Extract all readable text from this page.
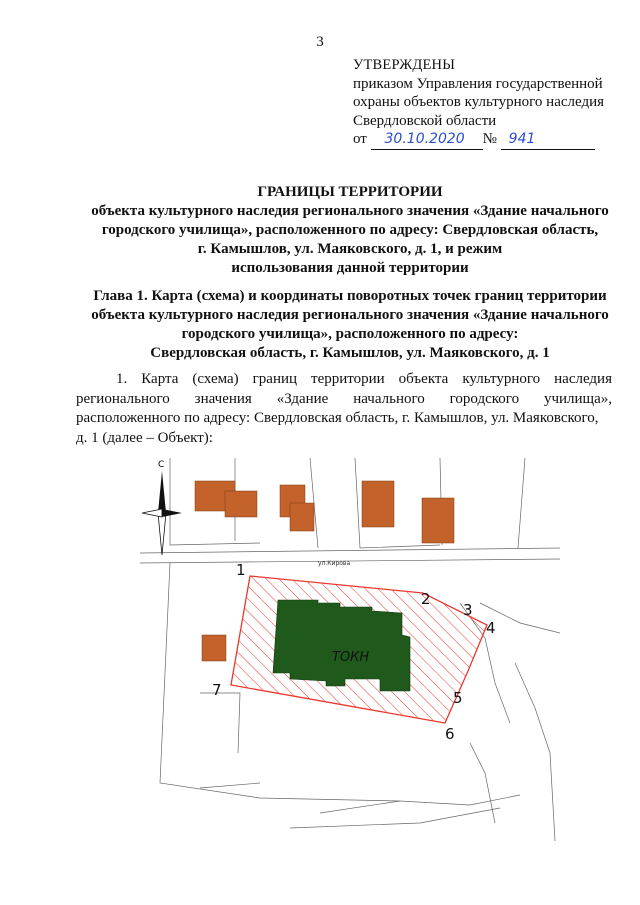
3
УТВЕРЖДЕНЫ
приказом Управления государственной
охраны объектов культурного наследия
Свердловской области
от 30.10.2020 № 941
ГРАНИЦЫ ТЕРРИТОРИИ
объекта культурного наследия регионального значения «Здание начального
городского училища», расположенного по адресу: Свердловская область,
г. Камышлов, ул. Маяковского, д. 1, и режим
использования данной территории
Глава 1. Карта (схема) и координаты поворотных точек границ территории
объекта культурного наследия регионального значения «Здание начального
городского училища», расположенного по адресу:
Свердловская область, г. Камышлов, ул. Маяковского, д. 1
1. Карта (схема) границ территории объекта культурного наследия
регионального значения «Здание начального городского училища»,
расположенного по адресу: Свердловская область, г. Камышлов, ул. Маяковского,
д. 1 (далее – Объект):
С
ул.Кирова
ТОКН
1
2
3
4
5
6
7
